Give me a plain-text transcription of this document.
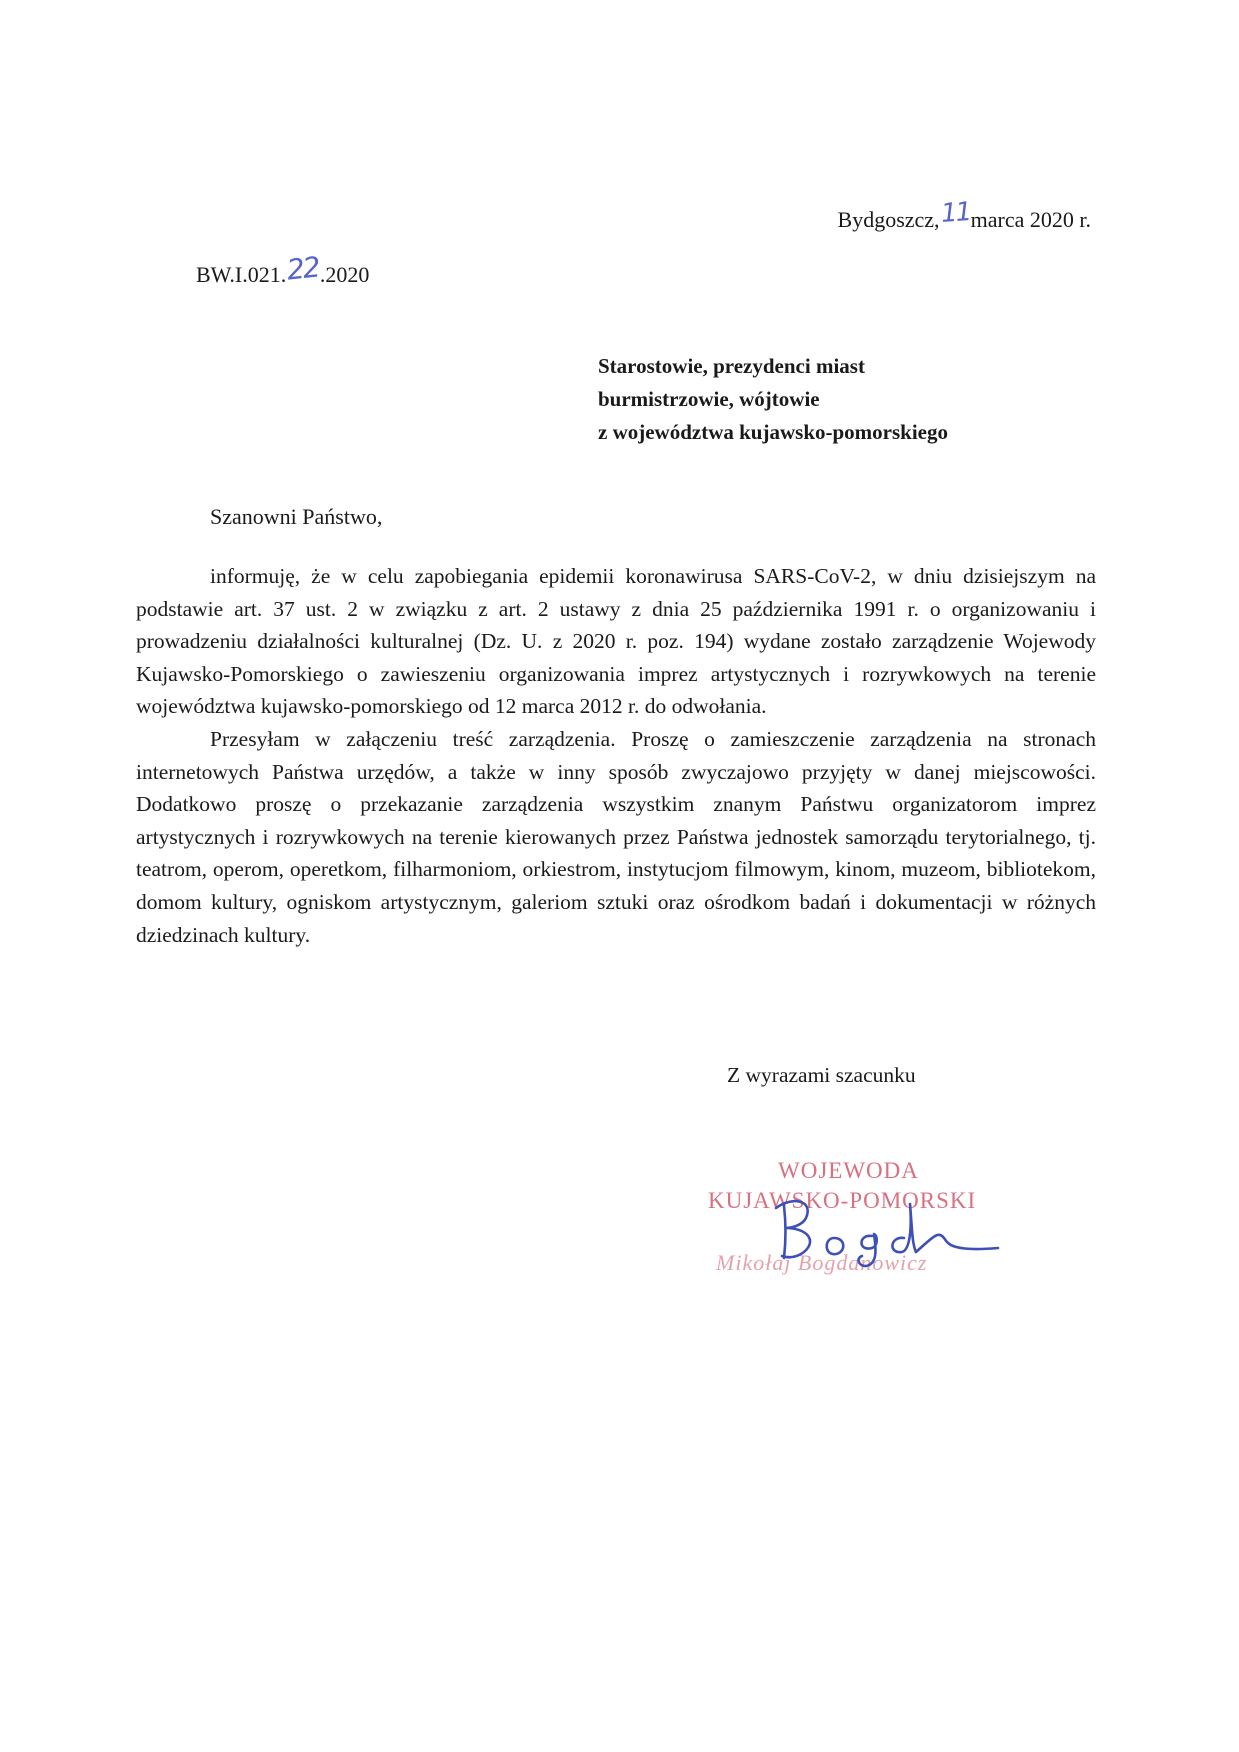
Bydgoszcz,11marca 2020 r.
BW.I.021.22.2020
Starostowie, prezydenci miast
burmistrzowie, wójtowie
z województwa kujawsko-pomorskiego
Szanowni Państwo,

informuję, że w celu zapobiegania epidemii koronawirusa SARS-CoV-2, w dniu dzisiejszym na podstawie art. 37 ust. 2 w związku z art. 2 ustawy z dnia 25 października 1991 r. o organizowaniu i prowadzeniu działalności kulturalnej (Dz. U. z 2020 r. poz. 194) wydane zostało zarządzenie Wojewody Kujawsko-Pomorskiego o zawieszeniu organizowania imprez artystycznych i rozrywkowych na terenie województwa kujawsko-pomorskiego od 12 marca 2012 r. do odwołania.

Przesyłam w załączeniu treść zarządzenia. Proszę o zamieszczenie zarządzenia na stronach internetowych Państwa urzędów, a także w inny sposób zwyczajowo przyjęty w danej miejscowości. Dodatkowo proszę o przekazanie zarządzenia wszystkim znanym Państwu organizatorom imprez artystycznych i rozrywkowych na terenie kierowanych przez Państwa jednostek samorządu terytorialnego, tj. teatrom, operom, operetkom, filharmoniom, orkiestrom, instytucjom filmowym, kinom, muzeom, bibliotekom, domom kultury, ogniskom artystycznym, galeriom sztuki oraz ośrodkom badań i dokumentacji w różnych dziedzinach kultury.

Z wyrazami szacunku
WOJEWODA
KUJAWSKO-POMORSKI
Mikołaj Bogdanowicz
